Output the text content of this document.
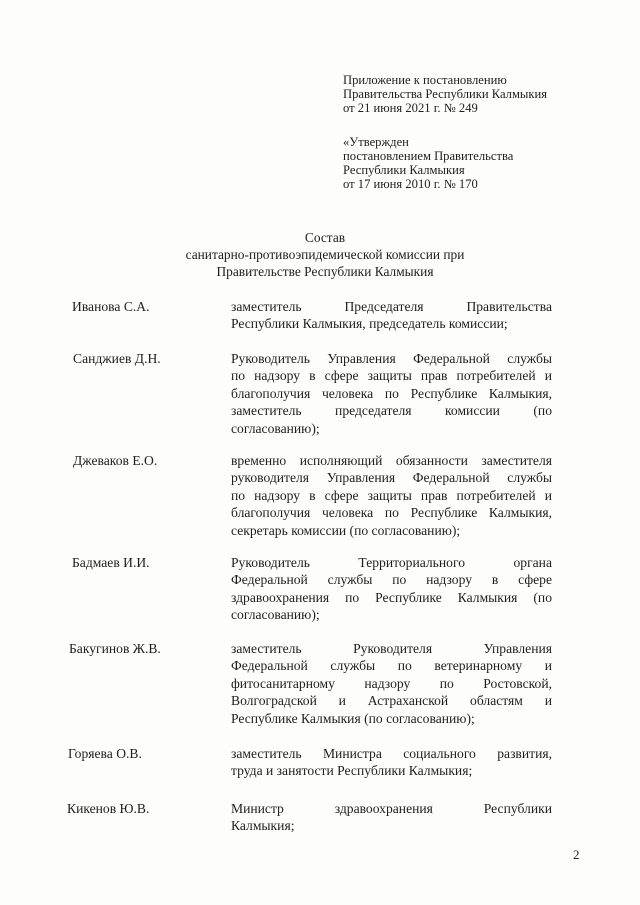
Приложение к постановлению
Правительства Республики Калмыкия
от 21 июня 2021 г. № 249
«Утвержден
постановлением Правительства
Республики Калмыкия
от 17 июня 2010 г. № 170
Состав
санитарно-противоэпидемической комиссии при
Правительстве Республики Калмыкия
Иванова С.А.	заместитель Председателя Правительства
Республики Калмыкия, председатель комиссии;
Санджиев Д.Н.	Руководитель Управления Федеральной службы
по надзору в сфере защиты прав потребителей и
благополучия человека по Республике Калмыкия,
заместитель председателя комиссии (по
согласованию);
Джеваков Е.О.	временно исполняющий обязанности заместителя
руководителя Управления Федеральной службы
по надзору в сфере защиты прав потребителей и
благополучия человека по Республике Калмыкия,
секретарь комиссии (по согласованию);
Бадмаев И.И.	Руководитель Территориального органа
Федеральной службы по надзору в сфере
здравоохранения по Республике Калмыкия (по
согласованию);
Бакугинов Ж.В.	заместитель Руководителя Управления
Федеральной службы по ветеринарному и
фитосанитарному надзору по Ростовской,
Волгоградской и Астраханской областям и
Республике Калмыкия (по согласованию);
Горяева О.В.	заместитель Министра социального развития,
труда и занятости Республики Калмыкия;
Кикенов Ю.В.	Министр здравоохранения Республики
Калмыкия;
2
